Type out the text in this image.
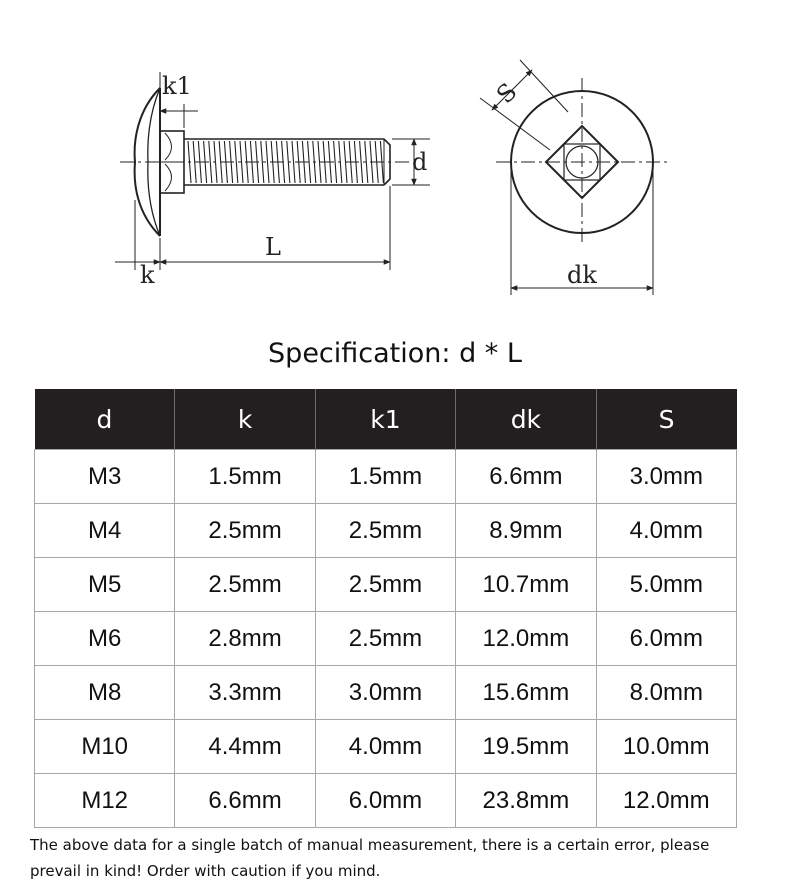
k1
d
L
k
S
dk
Specification: d * L
d	k	k1	dk	S
M3	1.5mm	1.5mm	6.6mm	3.0mm
M4	2.5mm	2.5mm	8.9mm	4.0mm
M5	2.5mm	2.5mm	10.7mm	5.0mm
M6	2.8mm	2.5mm	12.0mm	6.0mm
M8	3.3mm	3.0mm	15.6mm	8.0mm
M10	4.4mm	4.0mm	19.5mm	10.0mm
M12	6.6mm	6.0mm	23.8mm	12.0mm
The above data for a single batch of manual measurement, there is a certain error, please prevail in kind! Order with caution if you mind.
